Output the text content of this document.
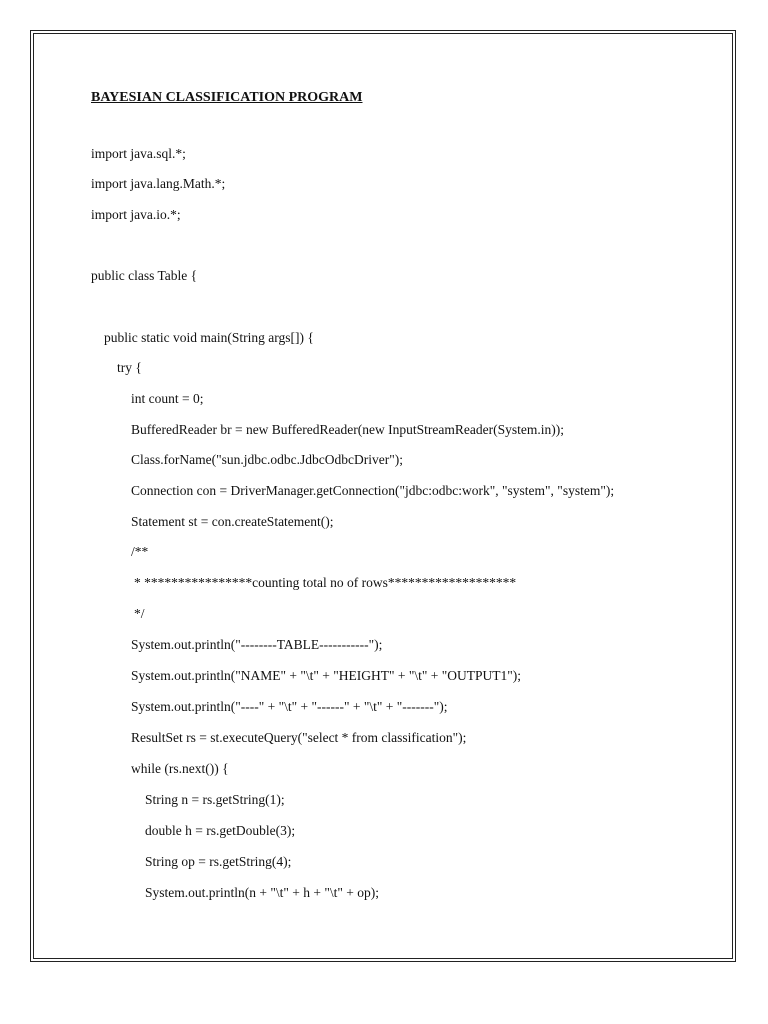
BAYESIAN CLASSIFICATION PROGRAM
import java.sql.*;
import java.lang.Math.*;
import java.io.*;
public class Table {
public static void main(String args[]) {
try {
int count = 0;
BufferedReader br = new BufferedReader(new InputStreamReader(System.in));
Class.forName("sun.jdbc.odbc.JdbcOdbcDriver");
Connection con = DriverManager.getConnection("jdbc:odbc:work", "system", "system");
Statement st = con.createStatement();
/**
* ****************counting total no of rows*******************
*/
System.out.println("--------TABLE-----------");
System.out.println("NAME" + "\t" + "HEIGHT" + "\t" + "OUTPUT1");
System.out.println("----" + "\t" + "------" + "\t" + "-------");
ResultSet rs = st.executeQuery("select * from classification");
while (rs.next()) {
String n = rs.getString(1);
double h = rs.getDouble(3);
String op = rs.getString(4);
System.out.println(n + "\t" + h + "\t" + op);
